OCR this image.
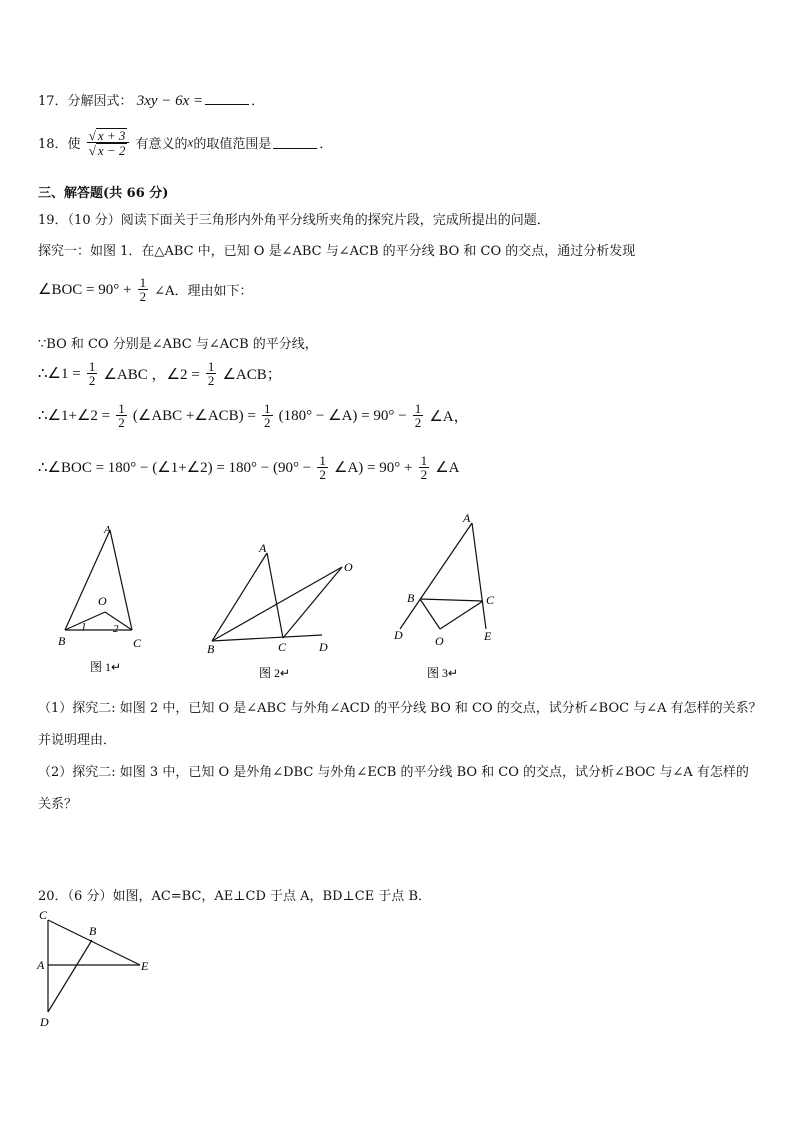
17．分解因式： 3xy − 6x =	．
18．使 $\frac{√ x + 3}{√ x - 2}$ 有意义的x的取值范围是	．
三、解答题(共 66 分)
19．（10 分）阅读下面关于三角形内外角平分线所夹角的探究片段，完成所提出的问题．
探究一：如图 1．在△ABC 中，已知 O 是∠ABC 与∠ACB 的平分线 BO 和 CO 的交点，通过分析发现
∠BOC = $90^\circ + \frac{1}{2}$ ∠A．理由如下：
∵BO 和 CO 分别是∠ABC 与∠ACB 的平分线，
∴∠1 = $\frac{1}{2}$ ∠ABC ，∠2 = $\frac{1}{2}$ ∠ACB；
∴∠1+∠2 = $\frac{1}{2}$ (∠ABC +∠ACB) = $\frac{1}{2} (180^\circ$ − ∠A) = $90^\circ - \frac{1}{2}$ ∠A，
∴∠BOC = 180° − (∠1+∠2) = $180^\circ - (90^\circ - \frac{1}{2}$ ∠A) = $90^\circ + \frac{1}{2}$ ∠A
A
O
B	C
1 2
图 1↵
A
O
B	C	D
图 2↵
A
B	C
D	O	E
图 3↵
（1）探究二: 如图 2 中，已知 O 是∠ABC 与外角∠ACD 的平分线 BO 和 CO 的交点，试分析∠BOC 与∠A 有怎样的关系？
并说明理由．
（2）探究二: 如图 3 中，已知 O 是外角∠DBC 与外角∠ECB 的平分线 BO 和 CO 的交点，试分析∠BOC 与∠A 有怎样的
关系？
20．（6 分）如图，AC=BC，AE⊥CD 于点 A，BD⊥CE 于点 B．
C
B
A	E
D
